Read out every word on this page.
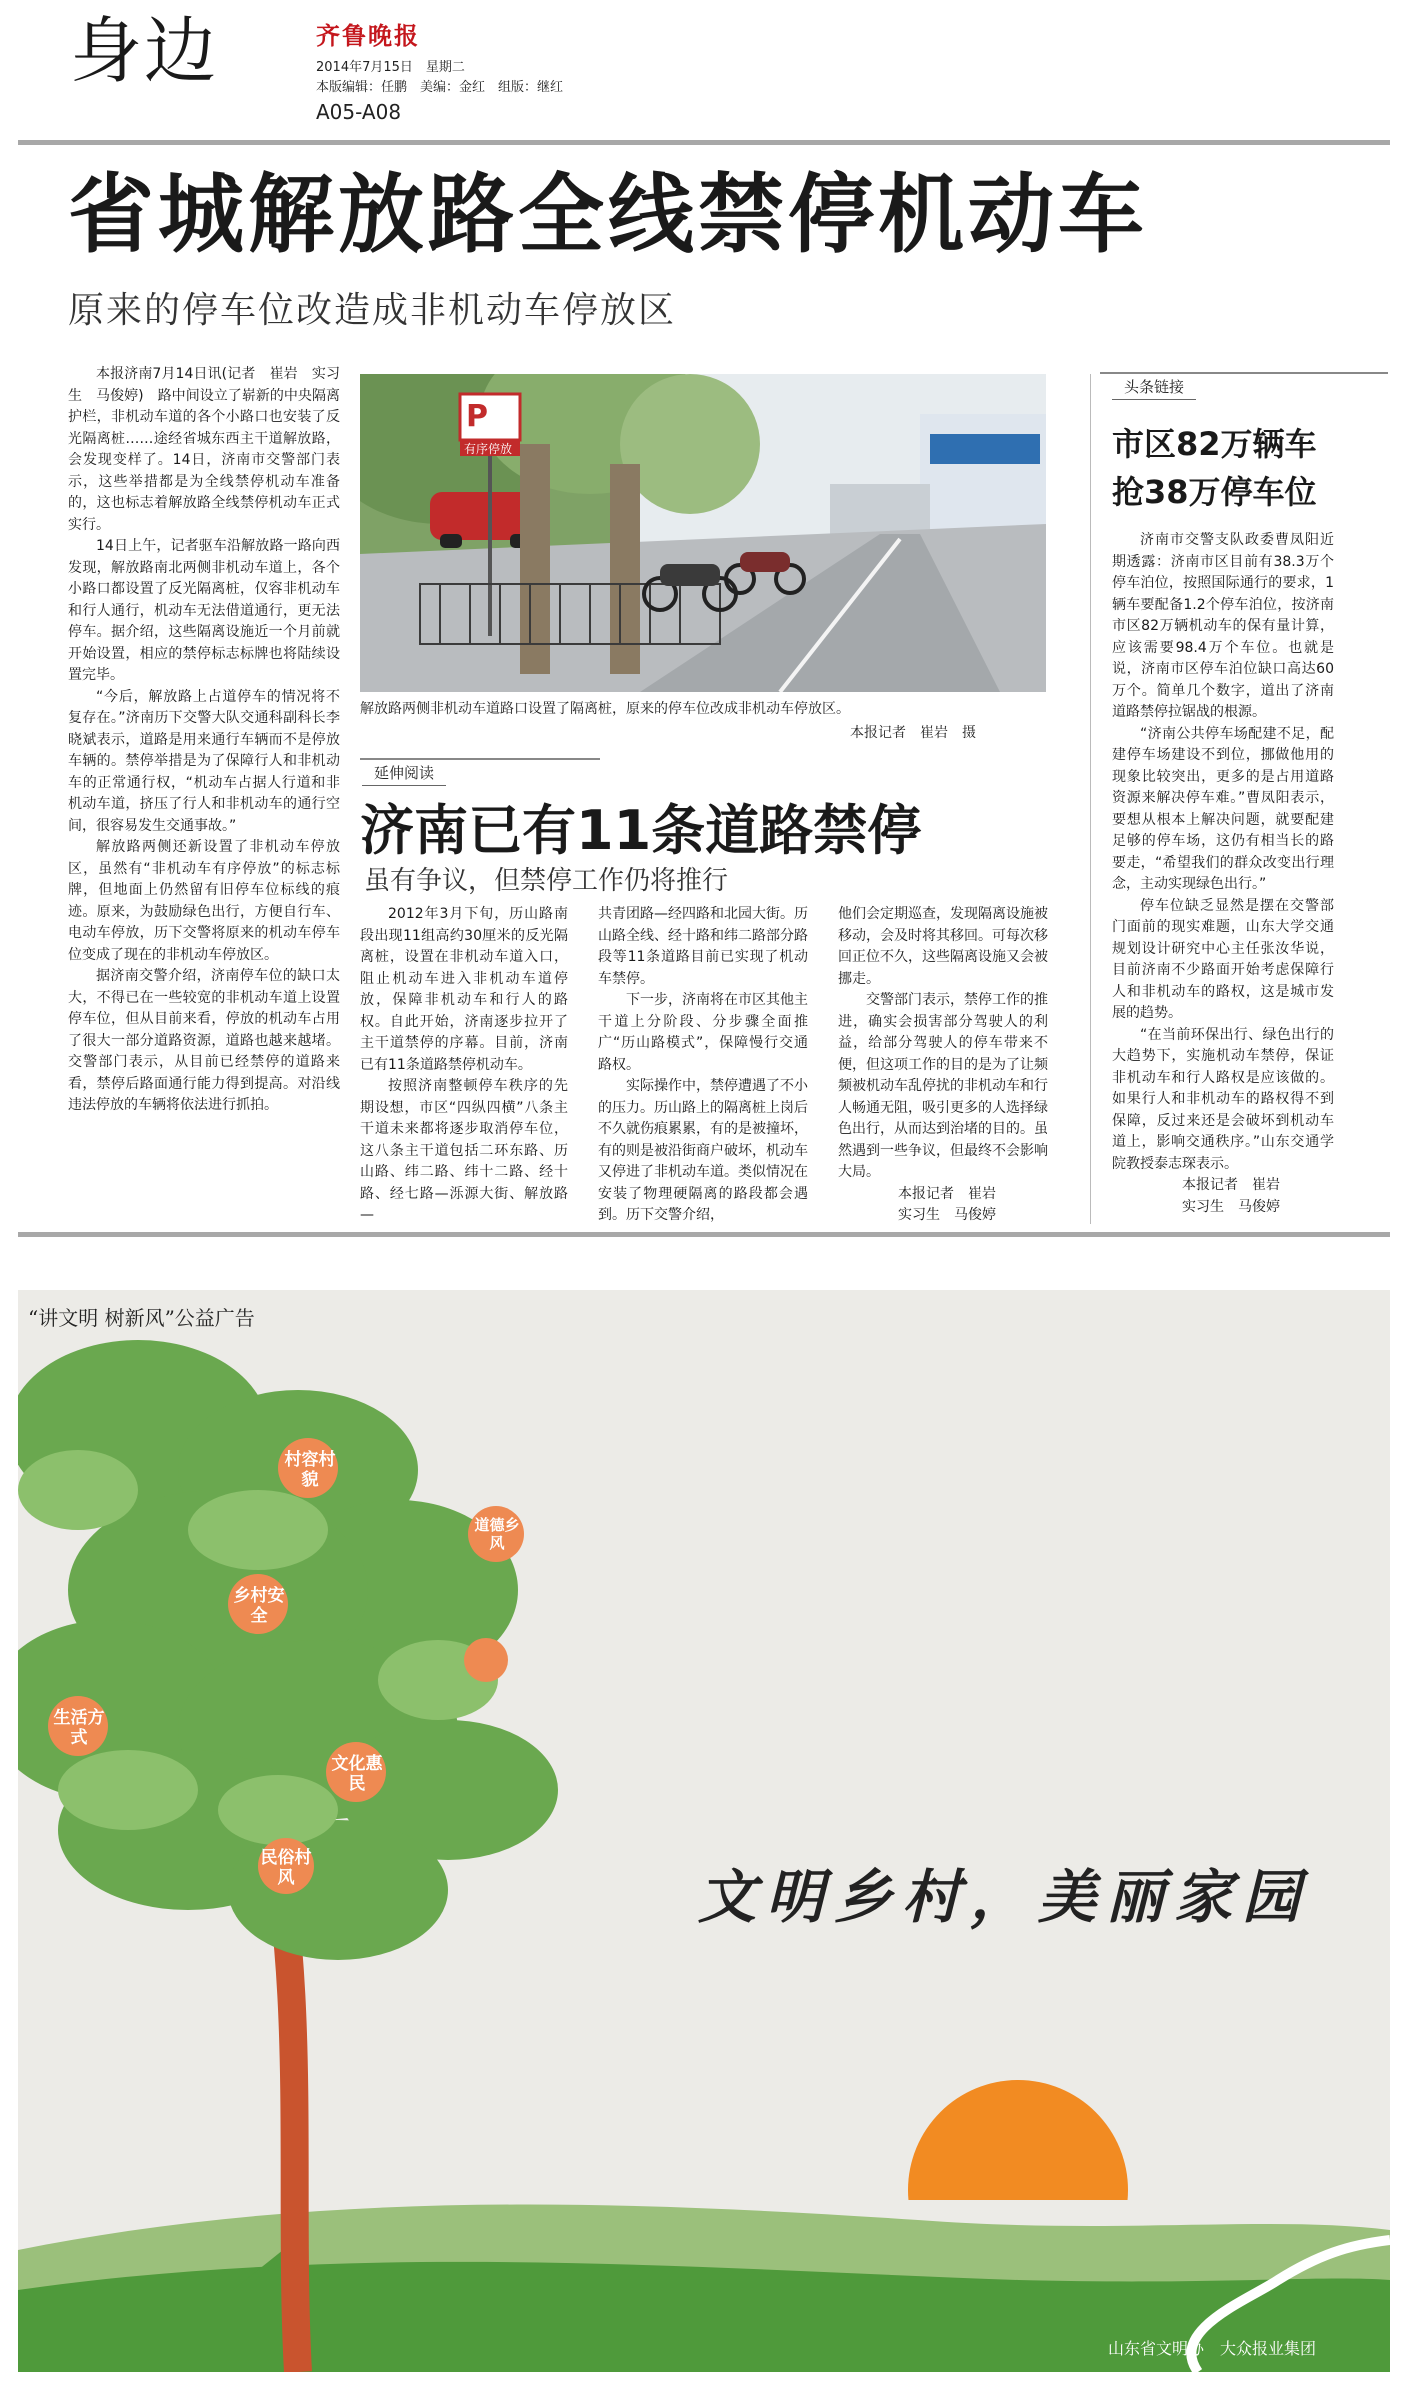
身边	齐鲁晚报
2014年7月15日　星期二
本版编辑：任鹏　美编：金红　组版：继红
A05-A08
省城解放路全线禁停机动车
原来的停车位改造成非机动车停放区

本报济南7月14日讯(记者　崔岩　实习生　马俊婷)　路中间设立了崭新的中央隔离护栏，非机动车道的各个小路口也安装了反光隔离桩……途经省城东西主干道解放路，会发现变样了。14日，济南市交警部门表示，这些举措都是为全线禁停机动车准备的，这也标志着解放路全线禁停机动车正式实行。

14日上午，记者驱车沿解放路一路向西发现，解放路南北两侧非机动车道上，各个小路口都设置了反光隔离桩，仅容非机动车和行人通行，机动车无法借道通行，更无法停车。据介绍，这些隔离设施近一个月前就开始设置，相应的禁停标志标牌也将陆续设置完毕。

“今后，解放路上占道停车的情况将不复存在。”济南历下交警大队交通科副科长李晓斌表示，道路是用来通行车辆而不是停放车辆的。禁停举措是为了保障行人和非机动车的正常通行权，“机动车占据人行道和非机动车道，挤压了行人和非机动车的通行空间，很容易发生交通事故。”

解放路两侧还新设置了非机动车停放区，虽然有“非机动车有序停放”的标志标牌，但地面上仍然留有旧停车位标线的痕迹。原来，为鼓励绿色出行，方便自行车、电动车停放，历下交警将原来的机动车停车位变成了现在的非机动车停放区。

据济南交警介绍，济南停车位的缺口太大，不得已在一些较宽的非机动车道上设置停车位，但从目前来看，停放的机动车占用了很大一部分道路资源，道路也越来越堵。交警部门表示，从目前已经禁停的道路来看，禁停后路面通行能力得到提高。对沿线违法停放的车辆将依法进行抓拍。

P
有序停放
解放路两侧非机动车道路口设置了隔离桩，原来的停车位改成非机动车停放区。
本报记者　崔岩　摄
头条链接
市区82万辆车
抢38万停车位

济南市交警支队政委曹凤阳近期透露：济南市区目前有38.3万个停车泊位，按照国际通行的要求，1辆车要配备1.2个停车泊位，按济南市区82万辆机动车的保有量计算，应该需要98.4万个车位。也就是说，济南市区停车泊位缺口高达60万个。简单几个数字，道出了济南道路禁停拉锯战的根源。

“济南公共停车场配建不足，配建停车场建设不到位，挪做他用的现象比较突出，更多的是占用道路资源来解决停车难。”曹凤阳表示，要想从根本上解决问题，就要配建足够的停车场，这仍有相当长的路要走，“希望我们的群众改变出行理念，主动实现绿色出行。”

停车位缺乏显然是摆在交警部门面前的现实难题，山东大学交通规划设计研究中心主任张汝华说，目前济南不少路面开始考虑保障行人和非机动车的路权，这是城市发展的趋势。

“在当前环保出行、绿色出行的大趋势下，实施机动车禁停，保证非机动车和行人路权是应该做的。如果行人和非机动车的路权得不到保障，反过来还是会破坏到机动车道上，影响交通秩序。”山东交通学院教授泰志琛表示。

本报记者　崔岩

实习生　马俊婷

延伸阅读
济南已有11条道路禁停
虽有争议，但禁停工作仍将推行

2012年3月下旬，历山路南段出现11组高约30厘米的反光隔离桩，设置在非机动车道入口，阻止机动车进入非机动车道停放，保障非机动车和行人的路权。自此开始，济南逐步拉开了主干道禁停的序幕。目前，济南已有11条道路禁停机动车。

按照济南整顿停车秩序的先期设想，市区“四纵四横”八条主干道未来都将逐步取消停车位，这八条主干道包括二环东路、历山路、纬二路、纬十二路、经十路、经七路—泺源大街、解放路—

共青团路—经四路和北园大街。历山路全线、经十路和纬二路部分路段等11条道路目前已实现了机动车禁停。

下一步，济南将在市区其他主干道上分阶段、分步骤全面推广“历山路模式”，保障慢行交通路权。

实际操作中，禁停遭遇了不小的压力。历山路上的隔离桩上岗后不久就伤痕累累，有的是被撞坏，有的则是被沿街商户破坏，机动车又停进了非机动车道。类似情况在安装了物理硬隔离的路段都会遇到。历下交警介绍，

他们会定期巡查，发现隔离设施被移动，会及时将其移回。可每次移回正位不久，这些隔离设施又会被挪走。

交警部门表示，禁停工作的推进，确实会损害部分驾驶人的利益，给部分驾驶人的停车带来不便，但这项工作的目的是为了让频频被机动车乱停扰的非机动车和行人畅通无阻，吸引更多的人选择绿色出行，从而达到治堵的目的。虽然遇到一些争议，但最终不会影响大局。

本报记者　崔岩

实习生　马俊婷

“讲文明 树新风”公益广告
村容村貌
道德乡风
乡村安全
生活方式
文化惠民
民俗村风	文明乡村，美丽家园
山东省文明办　大众报业集团
